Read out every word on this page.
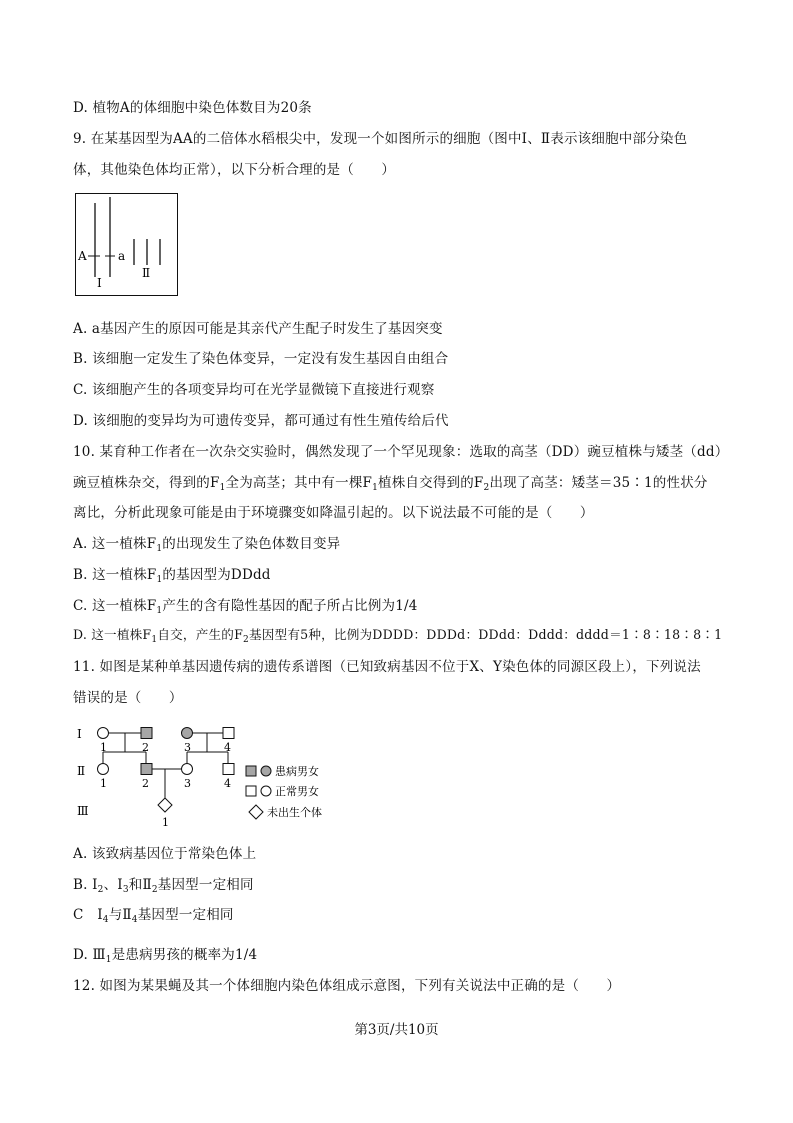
D. 植物A的体细胞中染色体数目为20条
9. 在某基因型为AA的二倍体水稻根尖中，发现一个如图所示的细胞（图中Ⅰ、Ⅱ表示该细胞中部分染色
体，其他染色体均正常），以下分析合理的是（　　）
A	a
Ⅰ
Ⅱ
A. a基因产生的原因可能是其亲代产生配子时发生了基因突变
B. 该细胞一定发生了染色体变异，一定没有发生基因自由组合
C. 该细胞产生的各项变异均可在光学显微镜下直接进行观察
D. 该细胞的变异均为可遗传变异，都可通过有性生殖传给后代
10. 某育种工作者在一次杂交实验时，偶然发现了一个罕见现象：选取的高茎（DD）豌豆植株与矮茎（dd）
豌豆植株杂交，得到的$F_1$全为高茎；其中有一棵$F_1$植株自交得到的$F_2$出现了高茎：矮茎＝35∶1的性状分
离比，分析此现象可能是由于环境骤变如降温引起的。以下说法最不可能的是（　　）
A. 这一植株$F_1$的出现发生了染色体数目变异
B. 这一植株$F_1$的基因型为DDdd
C. 这一植株$F_1$产生的含有隐性基因的配子所占比例为1/4
D. 这一植株$F_1$自交，产生的$F_2$基因型有5种，比例为DDDD：DDDd：DDdd：Dddd：dddd＝1∶8∶18∶8∶1
11. 如图是某种单基因遗传病的遗传系谱图（已知致病基因不位于X、Y染色体的同源区段上），下列说法
错误的是（　　）
Ⅰ
Ⅱ
Ⅲ
1	2	3	4
1	2	3	4
1
患病男女
正常男女
未出生个体
A. 该致病基因位于常染色体上
B. $Ⅰ_2$、$Ⅰ_3$和$Ⅱ_2$基因型一定相同
C　$Ⅰ_4$与$Ⅱ_4$基因型一定相同
D. $Ⅲ_1$是患病男孩的概率为1/4
12. 如图为某果蝇及其一个体细胞内染色体组成示意图，下列有关说法中正确的是（　　）
第3页/共10页
